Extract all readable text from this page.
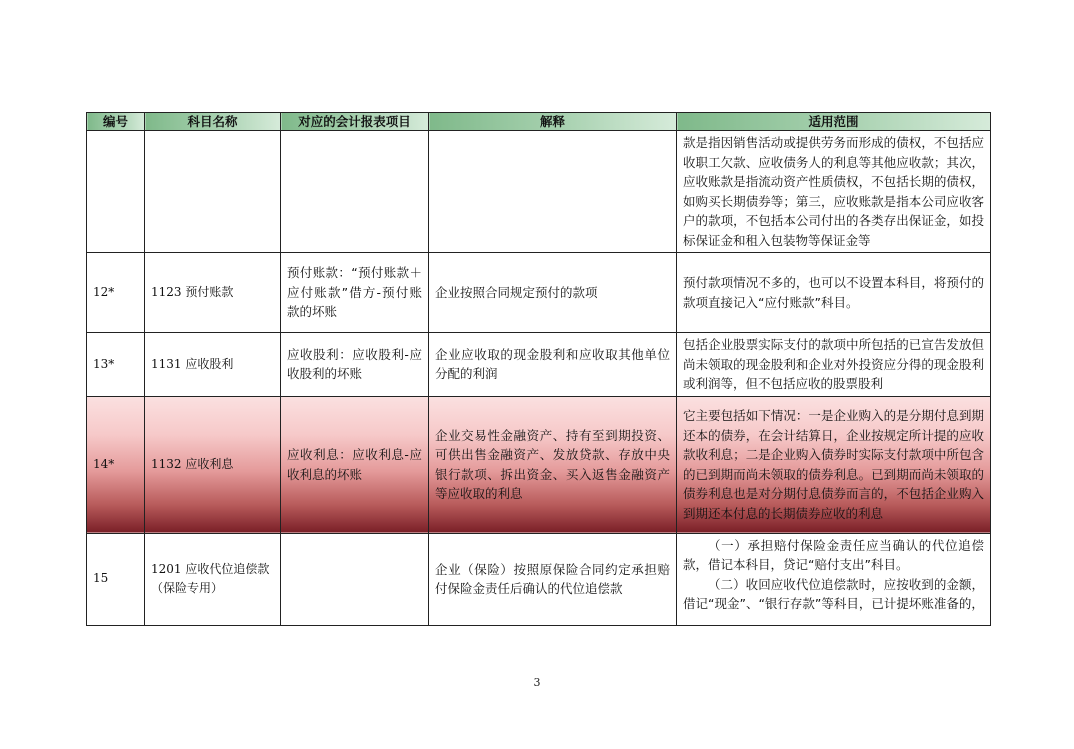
编号	科目名称	对应的会计报表项目	解释	适用范围
				款是指因销售活动或提供劳务而形成的债权，不包括应收职工欠款、应收债务人的利息等其他应收款；其次，应收账款是指流动资产性质债权，不包括长期的债权，如购买长期债券等；第三，应收账款是指本公司应收客户的款项，不包括本公司付出的各类存出保证金，如投标保证金和租入包装物等保证金等
12*	1123 预付账款	预付账款：“预付账款＋应付账款”借方-预付账款的坏账	企业按照合同规定预付的款项	预付款项情况不多的，也可以不设置本科目，将预付的款项直接记入“应付账款”科目。
13*	1131 应收股利	应收股利：应收股利-应收股利的坏账	企业应收取的现金股利和应收取其他单位分配的利润	包括企业股票实际支付的款项中所包括的已宣告发放但尚未领取的现金股利和企业对外投资应分得的现金股利或利润等，但不包括应收的股票股利
14*	1132 应收利息	应收利息：应收利息-应收利息的坏账	企业交易性金融资产、持有至到期投资、可供出售金融资产、发放贷款、存放中央银行款项、拆出资金、买入返售金融资产等应收取的利息	它主要包括如下情况：一是企业购入的是分期付息到期还本的债券，在会计结算日，企业按规定所计提的应收款收利息；二是企业购入债券时实际支付款项中所包含的已到期而尚未领取的债券利息。已到期而尚未领取的债券利息也是对分期付息债券而言的，不包括企业购入到期还本付息的长期债券应收的利息
15	1201 应收代位追偿款（保险专用）		企业（保险）按照原保险合同约定承担赔付保险金责任后确认的代位追偿款	（一）承担赔付保险金责任应当确认的代位追偿款，借记本科目，贷记“赔付支出”科目。
（二）收回应收代位追偿款时，应按收到的金额，借记“现金”、“银行存款”等科目，已计提坏账准备的，
3
